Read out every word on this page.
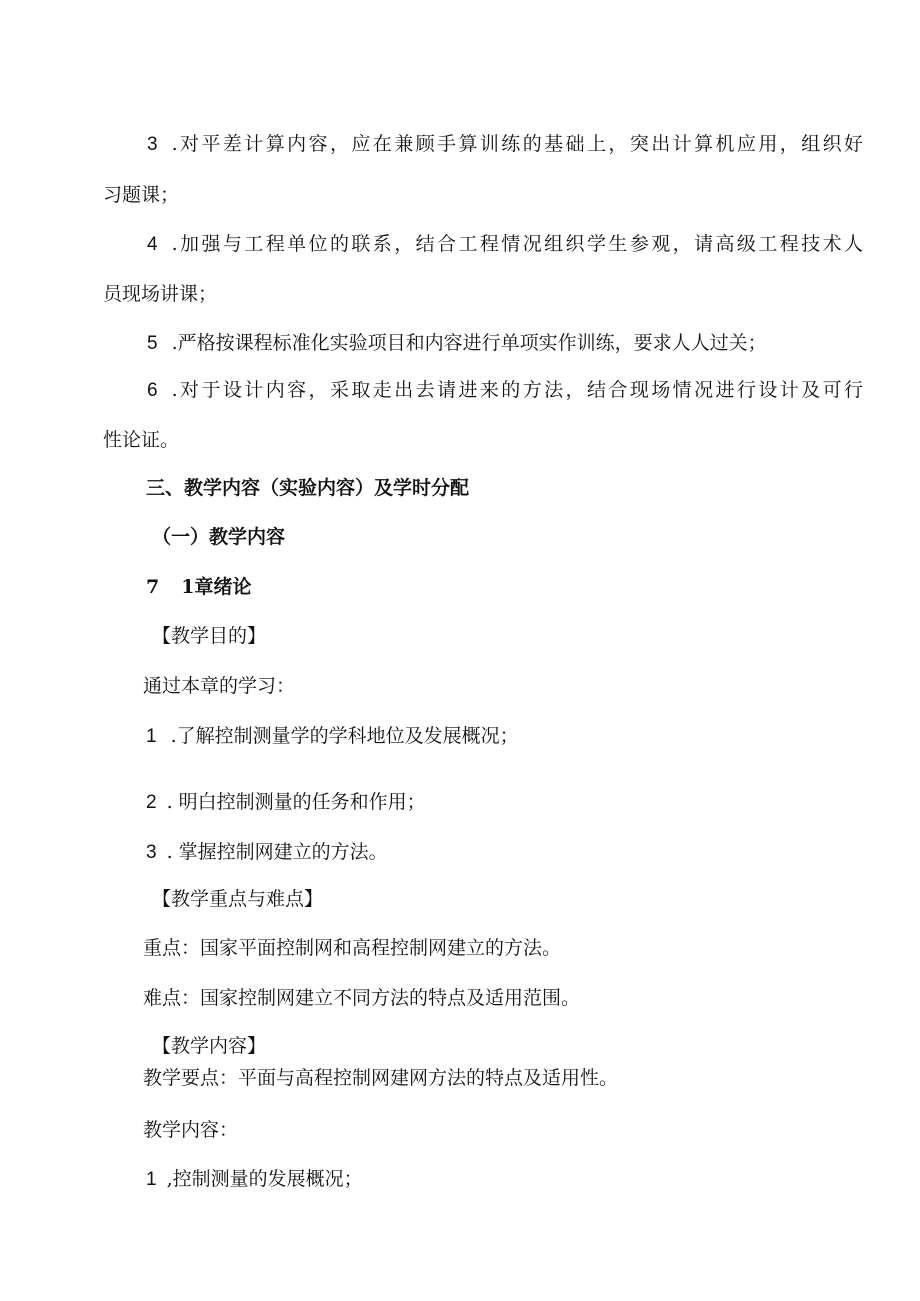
3 .对平差计算内容，应在兼顾手算训练的基础上，突出计算机应用，组织好
习题课；
4 .加强与工程单位的联系，结合工程情况组织学生参观，请高级工程技术人
员现场讲课；
5 .严格按课程标准化实验项目和内容进行单项实作训练，要求人人过关；
6 .对于设计内容，采取走出去请进来的方法，结合现场情况进行设计及可行
性论证。
三、教学内容（实验内容）及学时分配
（一）教学内容
7 1章绪论
【教学目的】
通过本章的学习：
1 .了解控制测量学的学科地位及发展概况；
2 . 明白控制测量的任务和作用；
3 . 掌握控制网建立的方法。
【教学重点与难点】
重点：国家平面控制网和高程控制网建立的方法。
难点：国家控制网建立不同方法的特点及适用范围。
【教学内容】
教学要点：平面与高程控制网建网方法的特点及适用性。
教学内容：
1 ,控制测量的发展概况；
